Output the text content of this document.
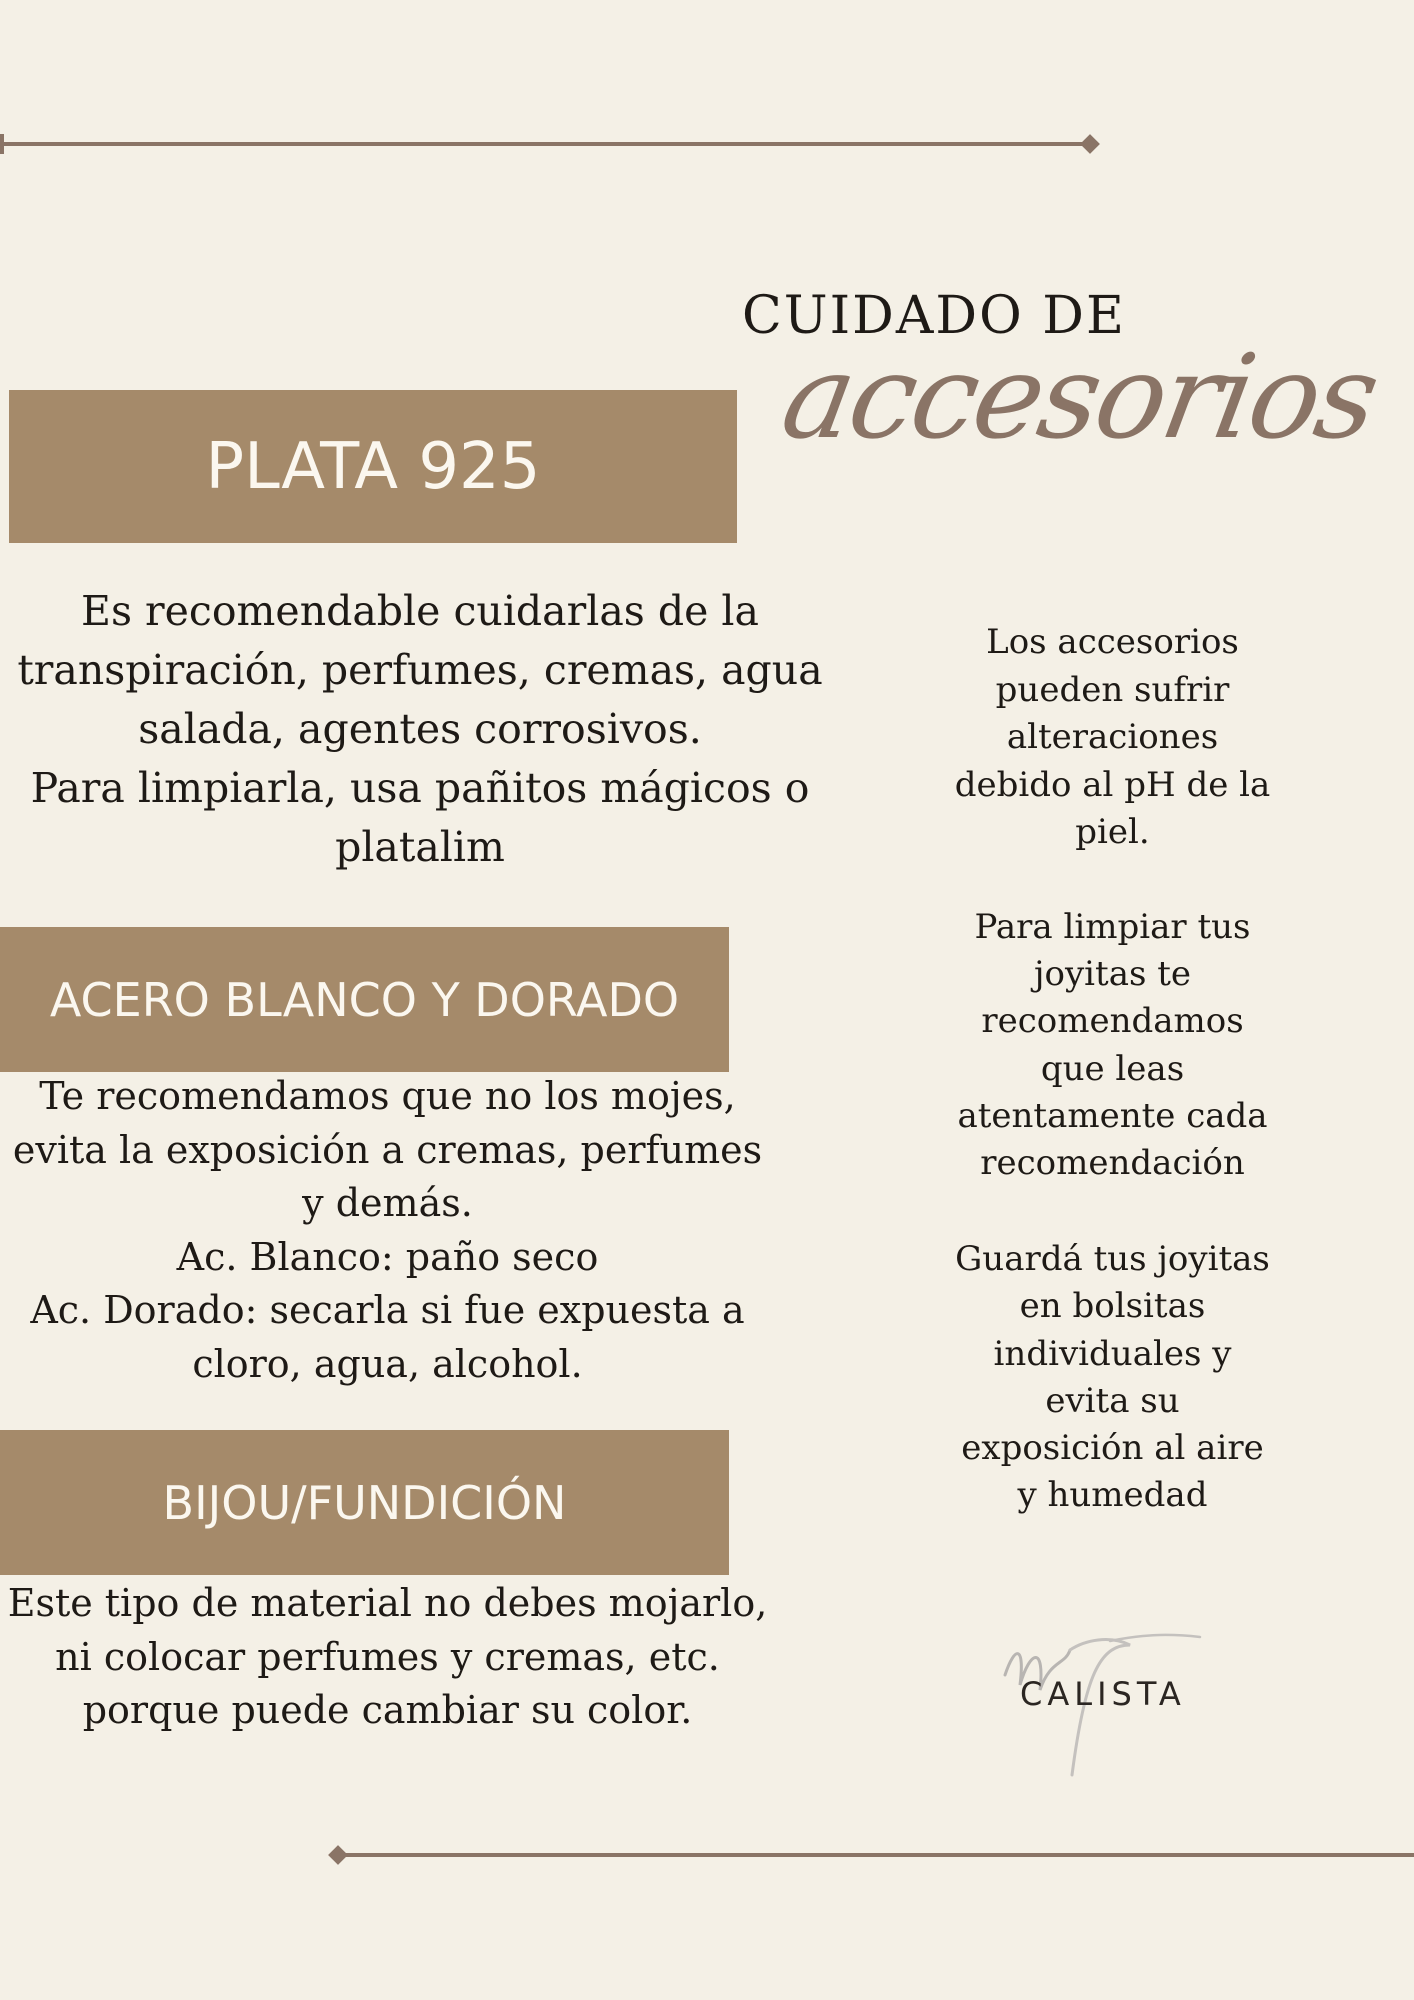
CUIDADO DE
accesorios
PLATA 925
Es recomendable cuidarlas de la
transpiración, perfumes, cremas, agua
salada, agentes corrosivos.
Para limpiarla, usa pañitos mágicos o
platalim
ACERO BLANCO Y DORADO
Te recomendamos que no los mojes,
evita la exposición a cremas, perfumes
y demás.
Ac. Blanco: paño seco
Ac. Dorado: secarla si fue expuesta a
cloro, agua, alcohol.
BIJOU/FUNDICIÓN
Este tipo de material no debes mojarlo,
ni colocar perfumes y cremas, etc.
porque puede cambiar su color.
Los accesorios
pueden sufrir
alteraciones
debido al pH de la
piel.
Para limpiar tus
joyitas te
recomendamos
que leas
atentamente cada
recomendación
Guardá tus joyitas
en bolsitas
individuales y
evita su
exposición al aire
y humedad
CALISTA
